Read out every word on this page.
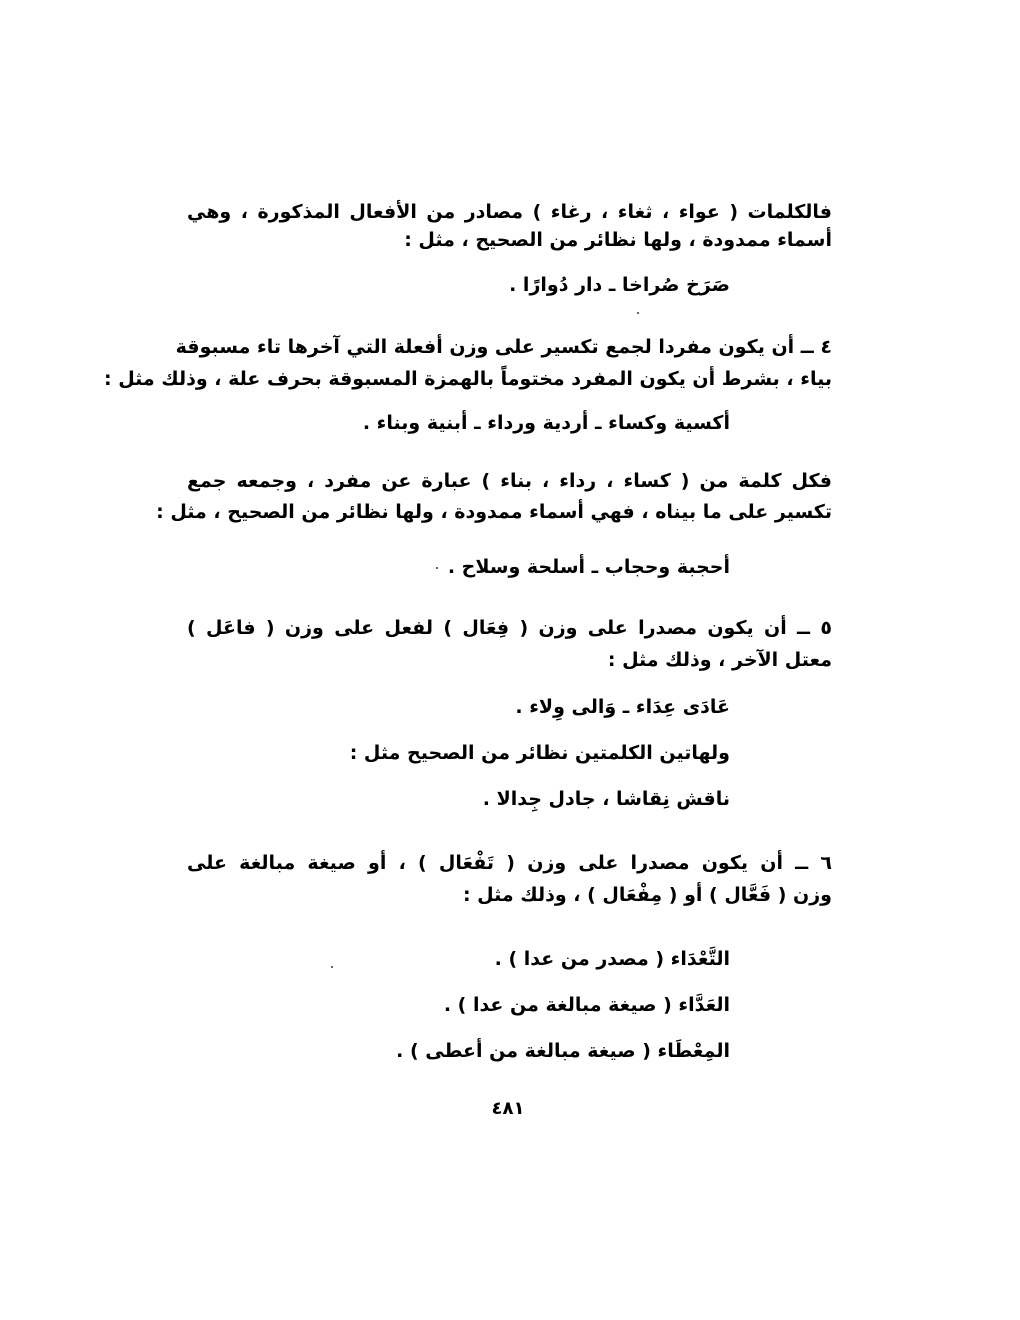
فالكلمات ( عواء ، ثغاء ، رغاء ) مصادر من الأفعال المذكورة ، وهي
أسماء ممدودة ، ولها نظائر من الصحيح ، مثل :
صَرَخ صُراخا ـ دار دُوارًا .
٤ ــ أن يكون مفردا لجمع تكسير على وزن أفعلة التي آخرها تاء مسبوقة
بياء ، بشرط أن يكون المفرد مختوماً بالهمزة المسبوقة بحرف علة ، وذلك مثل :
أكسية وكساء ـ أردية ورداء ـ أبنية وبناء .
فكل كلمة من ( كساء ، رداء ، بناء ) عبارة عن مفرد ، وجمعه جمع
تكسير على ما بيناه ، فهي أسماء ممدودة ، ولها نظائر من الصحيح ، مثل :
أحجبة وحجاب ـ أسلحة وسلاح .
٥ ــ أن يكون مصدرا على وزن ( فِعَال ) لفعل على وزن ( فاعَل )
معتل الآخر ، وذلك مثل :
عَادَى عِدَاء ـ وَالى وِلاء .
ولهاتين الكلمتين نظائر من الصحيح مثل :
ناقش نِقاشا ، جادل جِدالا .
٦ ــ أن يكون مصدرا على وزن ( تَفْعَال ) ، أو صيغة مبالغة على
وزن ( فَعَّال ) أو ( مِفْعَال ) ، وذلك مثل :
التَّعْدَاء ( مصدر من عدا ) .
العَدَّاء ( صيغة مبالغة من عدا ) .
المِعْطَاء ( صيغة مبالغة من أعطى ) .
٤٨١
